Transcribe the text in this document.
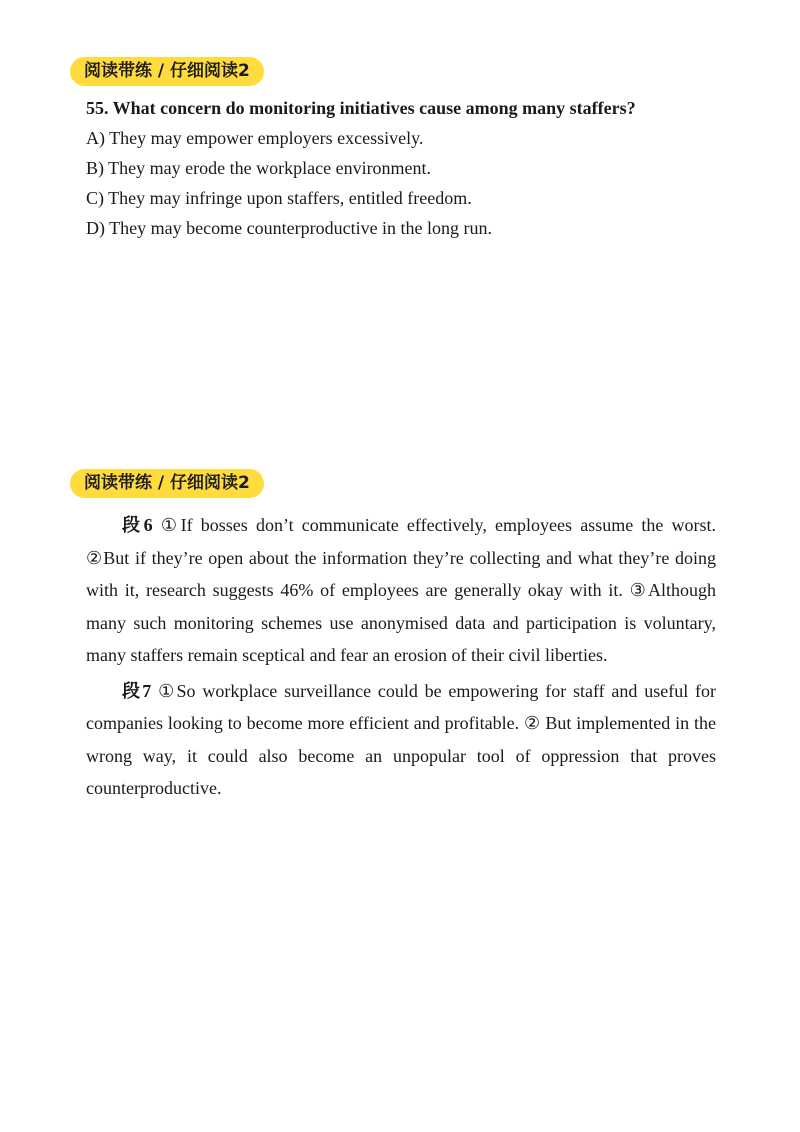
阅读带练 / 仔细阅读2
55. What concern do monitoring initiatives cause among many staffers?
A) They may empower employers excessively.
B) They may erode the workplace environment.
C) They may infringe upon staffers, entitled freedom.
D) They may become counterproductive in the long run.
阅读带练 / 仔细阅读2

段6 ①If bosses don’t communicate effectively, employees assume the worst. ②But if they’re open about the information they’re collecting and what they’re doing with it, research suggests 46% of employees are generally okay with it. ③Although many such monitoring schemes use anonymised data and participation is voluntary, many staffers remain sceptical and fear an erosion of their civil liberties.

段7 ①So workplace surveillance could be empowering for staff and useful for companies looking to become more efficient and profitable. ② But implemented in the wrong way, it could also become an unpopular tool of oppression that proves counterproductive.
